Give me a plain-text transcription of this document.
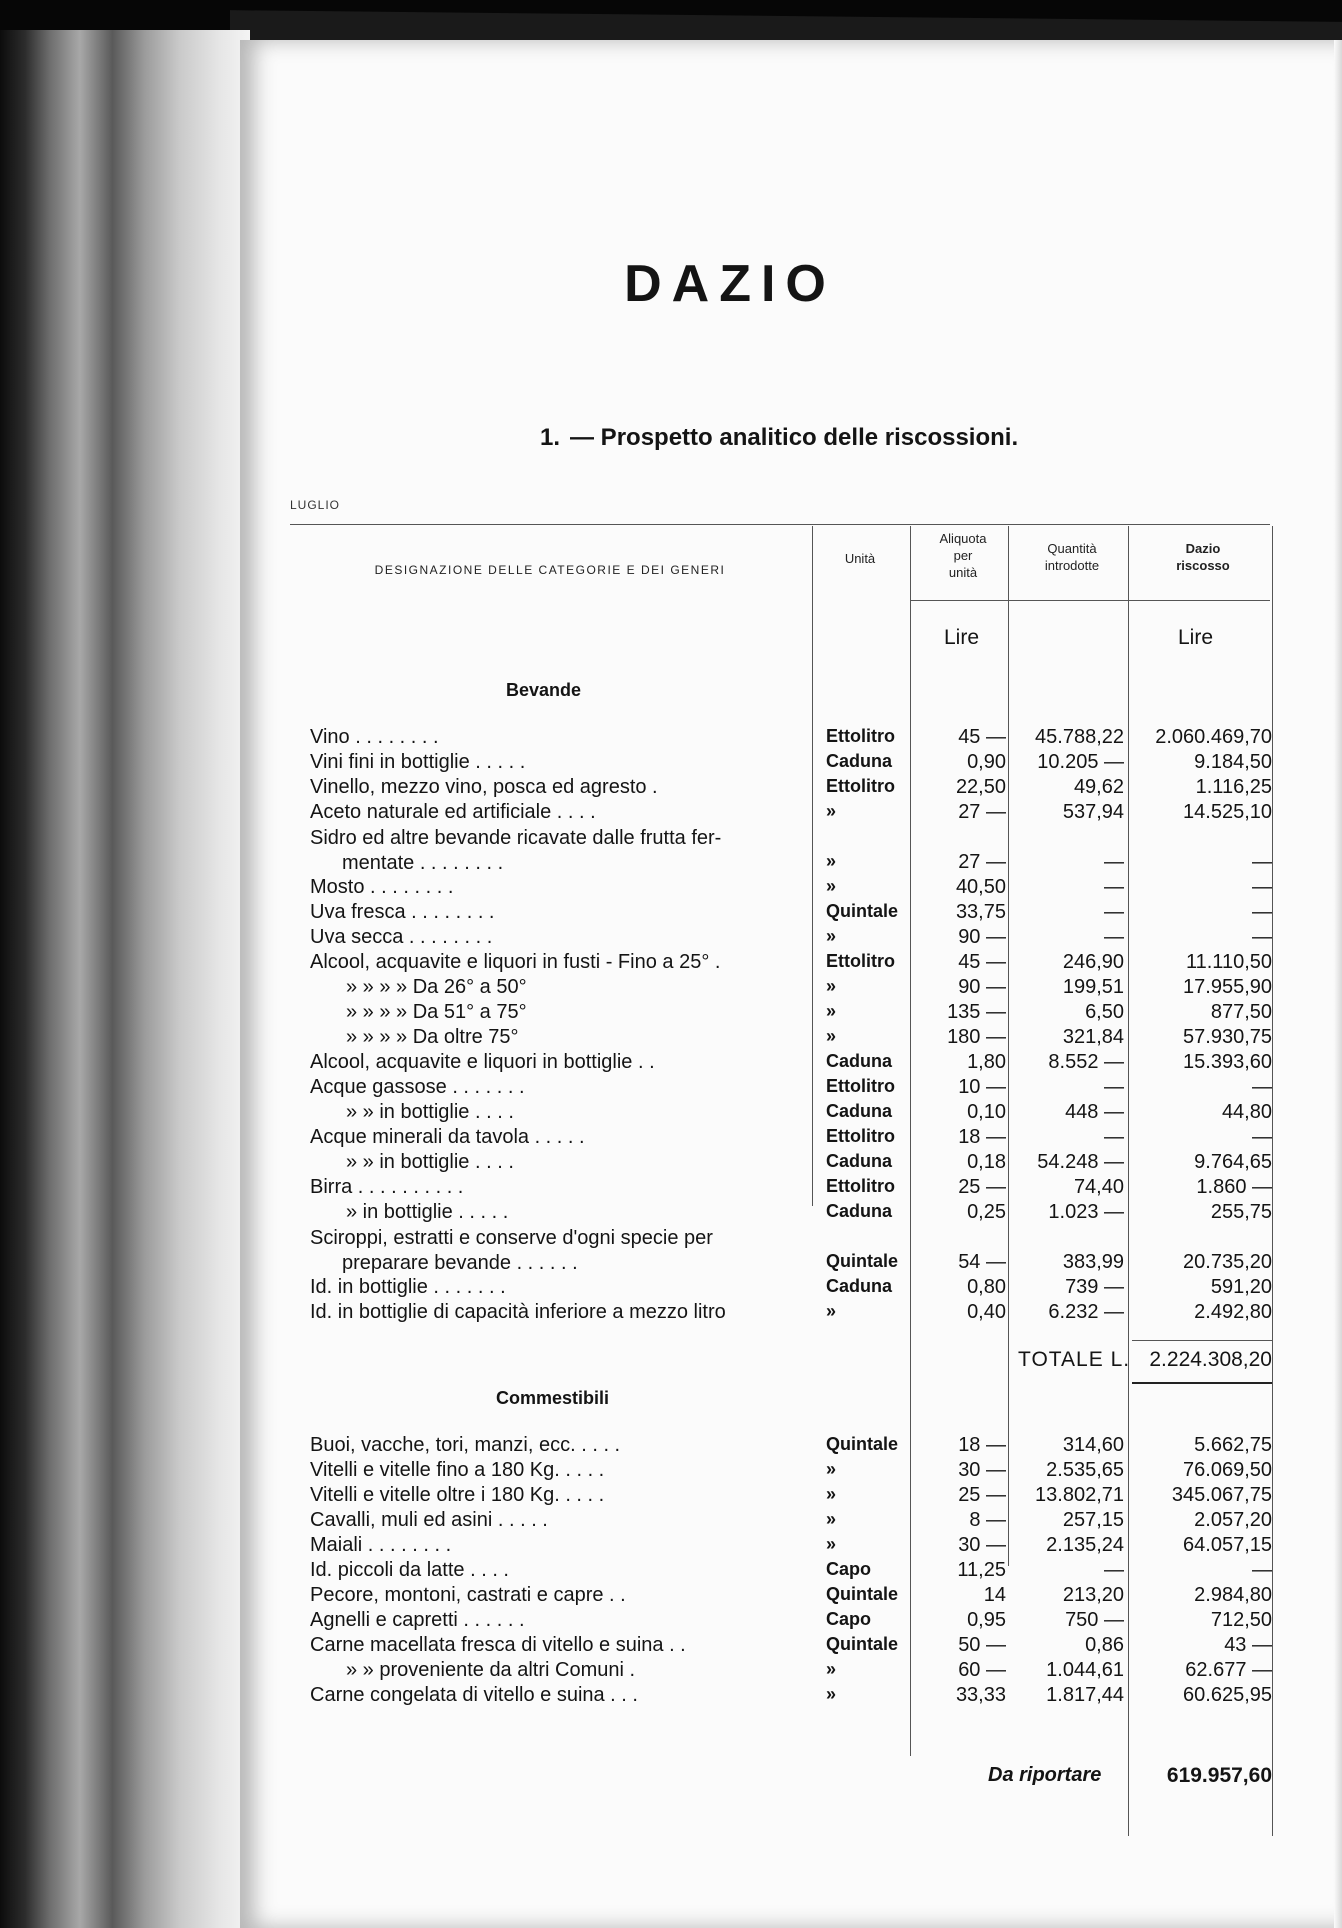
DAZIO
1. — Prospetto analitico delle riscossioni.
LUGLIO
DESIGNAZIONE DELLE CATEGORIE E DEI GENERI
Unità
Aliquota
per
unità
Quantità
introdotte
Dazio
riscosso
Lire	Lire
Bevande
Vino . . . . . . . .	Ettolitro	45 —	45.788,22	2.060.469,70
Vini fini in bottiglie . . . . .	Caduna	0,90	10.205 —	9.184,50
Vinello, mezzo vino, posca ed agresto .	Ettolitro	22,50	49,62	1.116,25
Aceto naturale ed artificiale . . . .	»	27 —	537,94	14.525,10
Sidro ed altre bevande ricavate dalle frutta fer-
mentate . . . . . . . .	»	27 —	—	—
Mosto . . . . . . . .	»	40,50	—	—
Uva fresca . . . . . . . .	Quintale	33,75	—	—
Uva secca . . . . . . . .	»	90 —	—	—
Alcool, acquavite e liquori in fusti - Fino a 25° .	Ettolitro	45 —	246,90	11.110,50
» » » » Da 26° a 50°	»	90 —	199,51	17.955,90
» » » » Da 51° a 75°	»	135 —	6,50	877,50
» » » » Da oltre 75°	»	180 —	321,84	57.930,75
Alcool, acquavite e liquori in bottiglie . .	Caduna	1,80	8.552 —	15.393,60
Acque gassose . . . . . . .	Ettolitro	10 —	—	—
» » in bottiglie . . . .	Caduna	0,10	448 —	44,80
Acque minerali da tavola . . . . .	Ettolitro	18 —	—	—
» » in bottiglie . . . .	Caduna	0,18	54.248 —	9.764,65
Birra . . . . . . . . . .	Ettolitro	25 —	74,40	1.860 —
» in bottiglie . . . . .	Caduna	0,25	1.023 —	255,75
Sciroppi, estratti e conserve d'ogni specie per
preparare bevande . . . . . .	Quintale	54 —	383,99	20.735,20
Id. in bottiglie . . . . . . .	Caduna	0,80	739 —	591,20
Id. in bottiglie di capacità inferiore a mezzo litro	»	0,40	6.232 —	2.492,80
TOTALE L. 2.224.308,20
Commestibili
Buoi, vacche, tori, manzi, ecc. . . . .	Quintale	18 —	314,60	5.662,75
Vitelli e vitelle fino a 180 Kg. . . . .	»	30 —	2.535,65	76.069,50
Vitelli e vitelle oltre i 180 Kg. . . . .	»	25 —	13.802,71	345.067,75
Cavalli, muli ed asini . . . . .	»	8 —	257,15	2.057,20
Maiali . . . . . . . .	»	30 —	2.135,24	64.057,15
Id. piccoli da latte . . . .	Capo	11,25	—	—
Pecore, montoni, castrati e capre . .	Quintale	14	213,20	2.984,80
Agnelli e capretti . . . . . .	Capo	0,95	750 —	712,50
Carne macellata fresca di vitello e suina . .	Quintale	50 —	0,86	43 —
» » proveniente da altri Comuni .	»	60 —	1.044,61	62.677 —
Carne congelata di vitello e suina . . .	»	33,33	1.817,44	60.625,95
Da riportare	619.957,60
